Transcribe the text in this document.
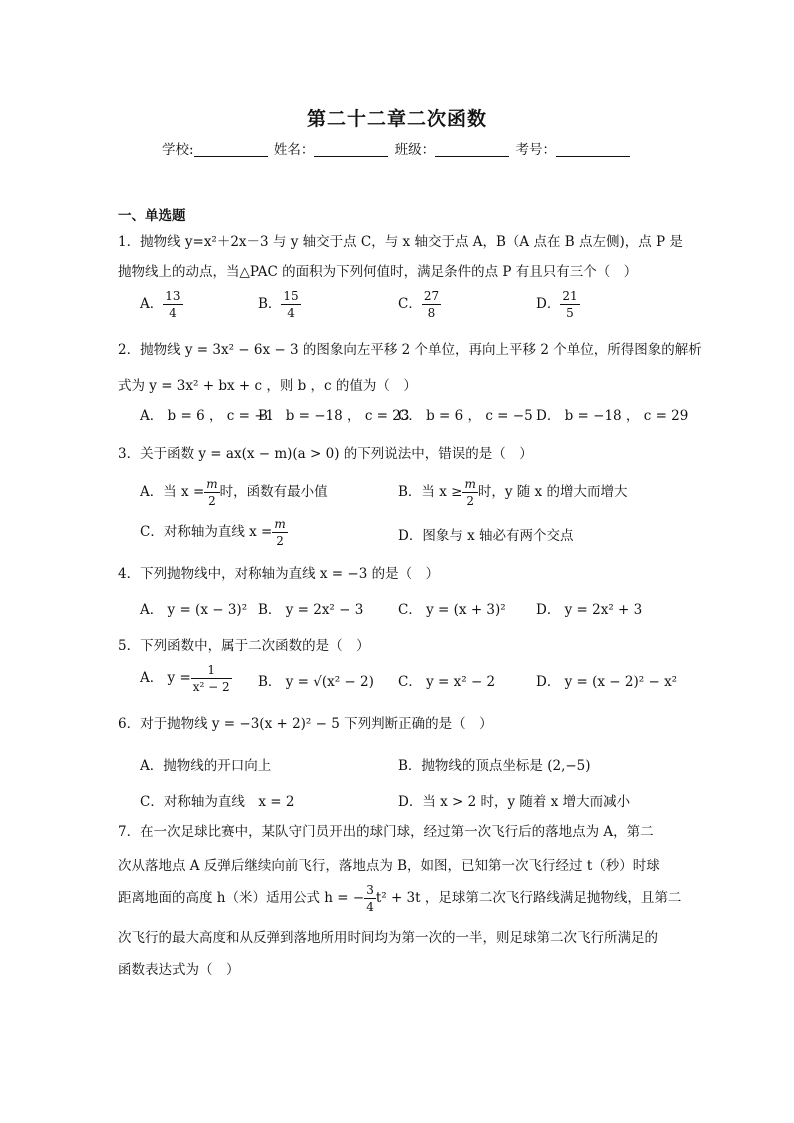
第二十二章二次函数
学校:	姓名：	班级：	考号：
一、单选题
1．抛物线 y=x²＋2x－3 与 y 轴交于点 C，与 x 轴交于点 A，B（A 点在 B 点左侧)，点 P 是
抛物线上的动点，当△PAC 的面积为下列何值时，满足条件的点 P 有且只有三个（　）
A． $\frac{13}{4}$	B． $\frac{15}{4}$	C． $\frac{27}{8}$	D． $\frac{21}{5}$
2．抛物线 y = 3x² − 6x − 3 的图象向左平移 2 个单位，再向上平移 2 个单位，所得图象的解析
式为 y = 3x² + bx + c ，则 b ，c 的值为（　）
A． b = 6 ， c = −1
B． b = −18 ， c = 23
C． b = 6 ， c = −5 D． b = −18 ， c = 29
3．关于函数 y = ax(x − m)(a > 0) 的下列说法中，错误的是（　）
A．当 $x = \frac{m}{2}$ 时，函数有最小值	B．当 $x \ge \frac{m}{2}$ 时，y 随 x 的增大而增大
C．对称轴为直线 $x = \frac{m}{2}$	D．图象与 x 轴必有两个交点
4．下列抛物线中，对称轴为直线 x = −3 的是（　）
A． y = (x − 3)² B． y = 2x² − 3	C． y = (x + 3)² D． y = 2x² + 3
5．下列函数中，属于二次函数的是（　）
A． $y = \frac{1}{\text{x² − 2}}$ B． y = √(x² − 2) C． y = x² − 2	D． y = (x − 2)² − x²
6．对于抛物线 y = −3(x + 2)² − 5 下列判断正确的是（　）
A．抛物线的开口向上	B．抛物线的顶点坐标是 (2,−5)
C．对称轴为直线　x = 2	D．当 x > 2 时，y 随着 x 增大而减小
7．在一次足球比赛中，某队守门员开出的球门球，经过第一次飞行后的落地点为 A，第二
次从落地点 A 反弹后继续向前飞行，落地点为 B，如图，已知第一次飞行经过 t（秒）时球
距离地面的高度 h（米）适用公式 h = − $\frac{3}{4} t^2 + 3t$ ，足球第二次飞行路线满足抛物线，且第二
次飞行的最大高度和从反弹到落地所用时间均为第一次的一半，则足球第二次飞行所满足的
函数表达式为（　）
